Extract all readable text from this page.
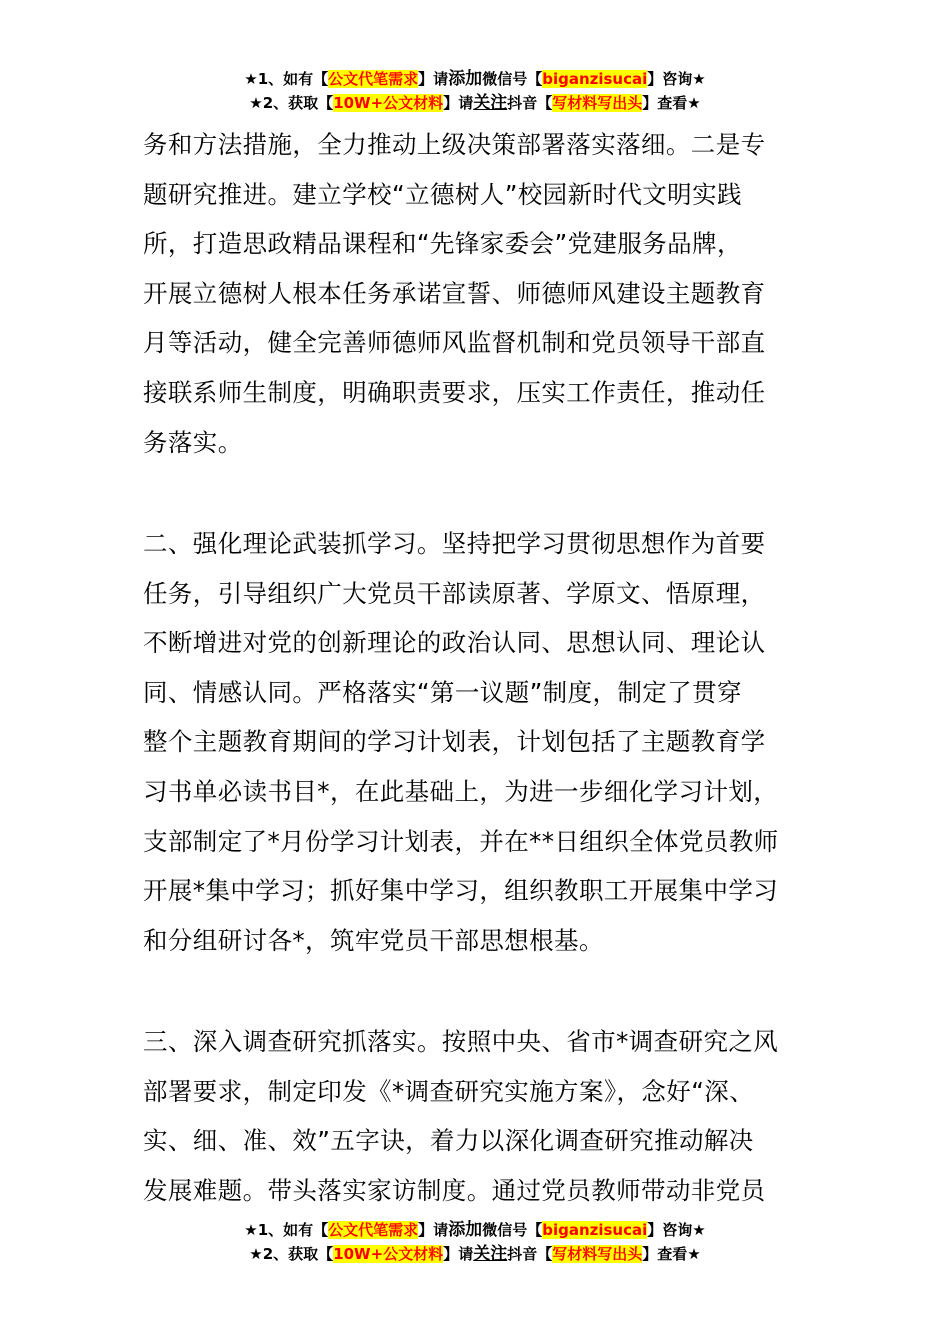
★1、如有【公文代笔需求】请添加微信号【biganzisucai】咨询★
★2、获取【10W+公文材料】请关注抖音【写材料写出头】查看★
务和方法措施，全力推动上级决策部署落实落细。二是专
题研究推进。建立学校“立德树人”校园新时代文明实践
所，打造思政精品课程和“先锋家委会”党建服务品牌，
开展立德树人根本任务承诺宣誓、师德师风建设主题教育
月等活动，健全完善师德师风监督机制和党员领导干部直
接联系师生制度，明确职责要求，压实工作责任，推动任
务落实。
二、强化理论武装抓学习。坚持把学习贯彻思想作为首要
任务，引导组织广大党员干部读原著、学原文、悟原理，
不断增进对党的创新理论的政治认同、思想认同、理论认
同、情感认同。严格落实“第一议题”制度，制定了贯穿
整个主题教育期间的学习计划表，计划包括了主题教育学
习书单必读书目*，在此基础上，为进一步细化学习计划，
支部制定了*月份学习计划表，并在**日组织全体党员教师
开展*集中学习；抓好集中学习，组织教职工开展集中学习
和分组研讨各*，筑牢党员干部思想根基。
三、深入调查研究抓落实。按照中央、省市*调查研究之风
部署要求，制定印发《*调查研究实施方案》，念好“深、
实、细、准、效”五字诀，着力以深化调查研究推动解决
发展难题。带头落实家访制度。通过党员教师带动非党员
★1、如有【公文代笔需求】请添加微信号【biganzisucai】咨询★
★2、获取【10W+公文材料】请关注抖音【写材料写出头】查看★
